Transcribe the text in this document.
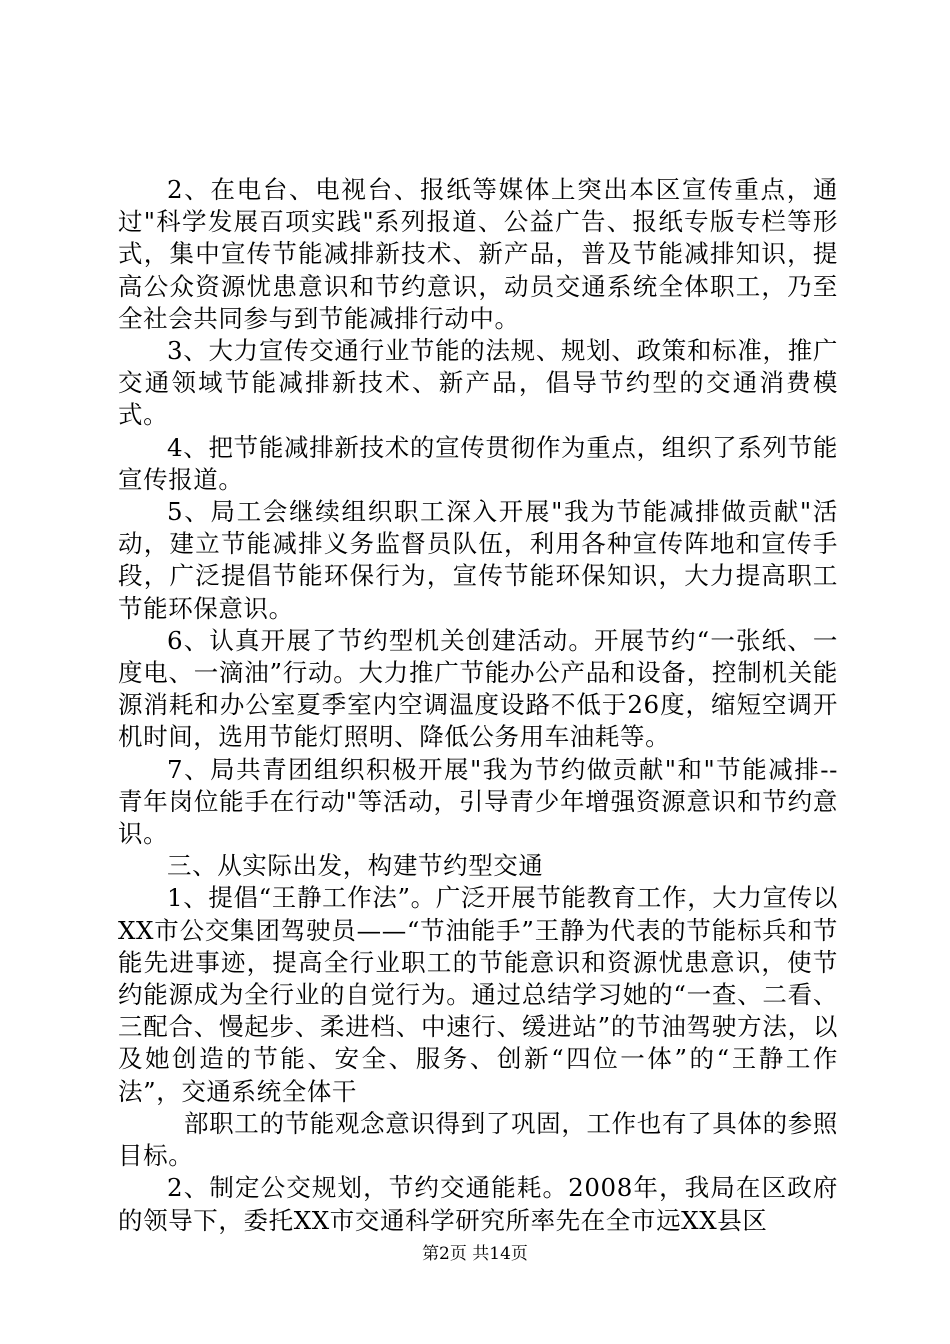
2、在电台、电视台、报纸等媒体上突出本区宣传重点，通过"科学发展百项实践"系列报道、公益广告、报纸专版专栏等形式，集中宣传节能减排新技术、新产品，普及节能减排知识，提高公众资源忧患意识和节约意识，动员交通系统全体职工，乃至全社会共同参与到节能减排行动中。

3、大力宣传交通行业节能的法规、规划、政策和标准，推广交通领域节能减排新技术、新产品，倡导节约型的交通消费模式。

4、把节能减排新技术的宣传贯彻作为重点，组织了系列节能宣传报道。

5、局工会继续组织职工深入开展"我为节能减排做贡献"活动，建立节能减排义务监督员队伍，利用各种宣传阵地和宣传手段，广泛提倡节能环保行为，宣传节能环保知识，大力提高职工节能环保意识。

6、认真开展了节约型机关创建活动。开展节约“一张纸、一度电、一滴油”行动。大力推广节能办公产品和设备，控制机关能源消耗和办公室夏季室内空调温度设路不低于26度，缩短空调开机时间，选用节能灯照明、降低公务用车油耗等。

7、局共青团组织积极开展"我为节约做贡献"和"节能减排--青年岗位能手在行动"等活动，引导青少年增强资源意识和节约意识。

三、从实际出发，构建节约型交通

1、提倡“王静工作法”。广泛开展节能教育工作，大力宣传以XX市公交集团驾驶员——“节油能手”王静为代表的节能标兵和节能先进事迹，提高全行业职工的节能意识和资源忧患意识，使节约能源成为全行业的自觉行为。通过总结学习她的“一查、二看、三配合、慢起步、柔进档、中速行、缓进站”的节油驾驶方法，以及她创造的节能、安全、服务、创新“四位一体”的“王静工作法”，交通系统全体干

部职工的节能观念意识得到了巩固，工作也有了具体的参照目标。

2、制定公交规划，节约交通能耗。2008年，我局在区政府的领导下，委托XX市交通科学研究所率先在全市远XX县区

第2页 共14页
